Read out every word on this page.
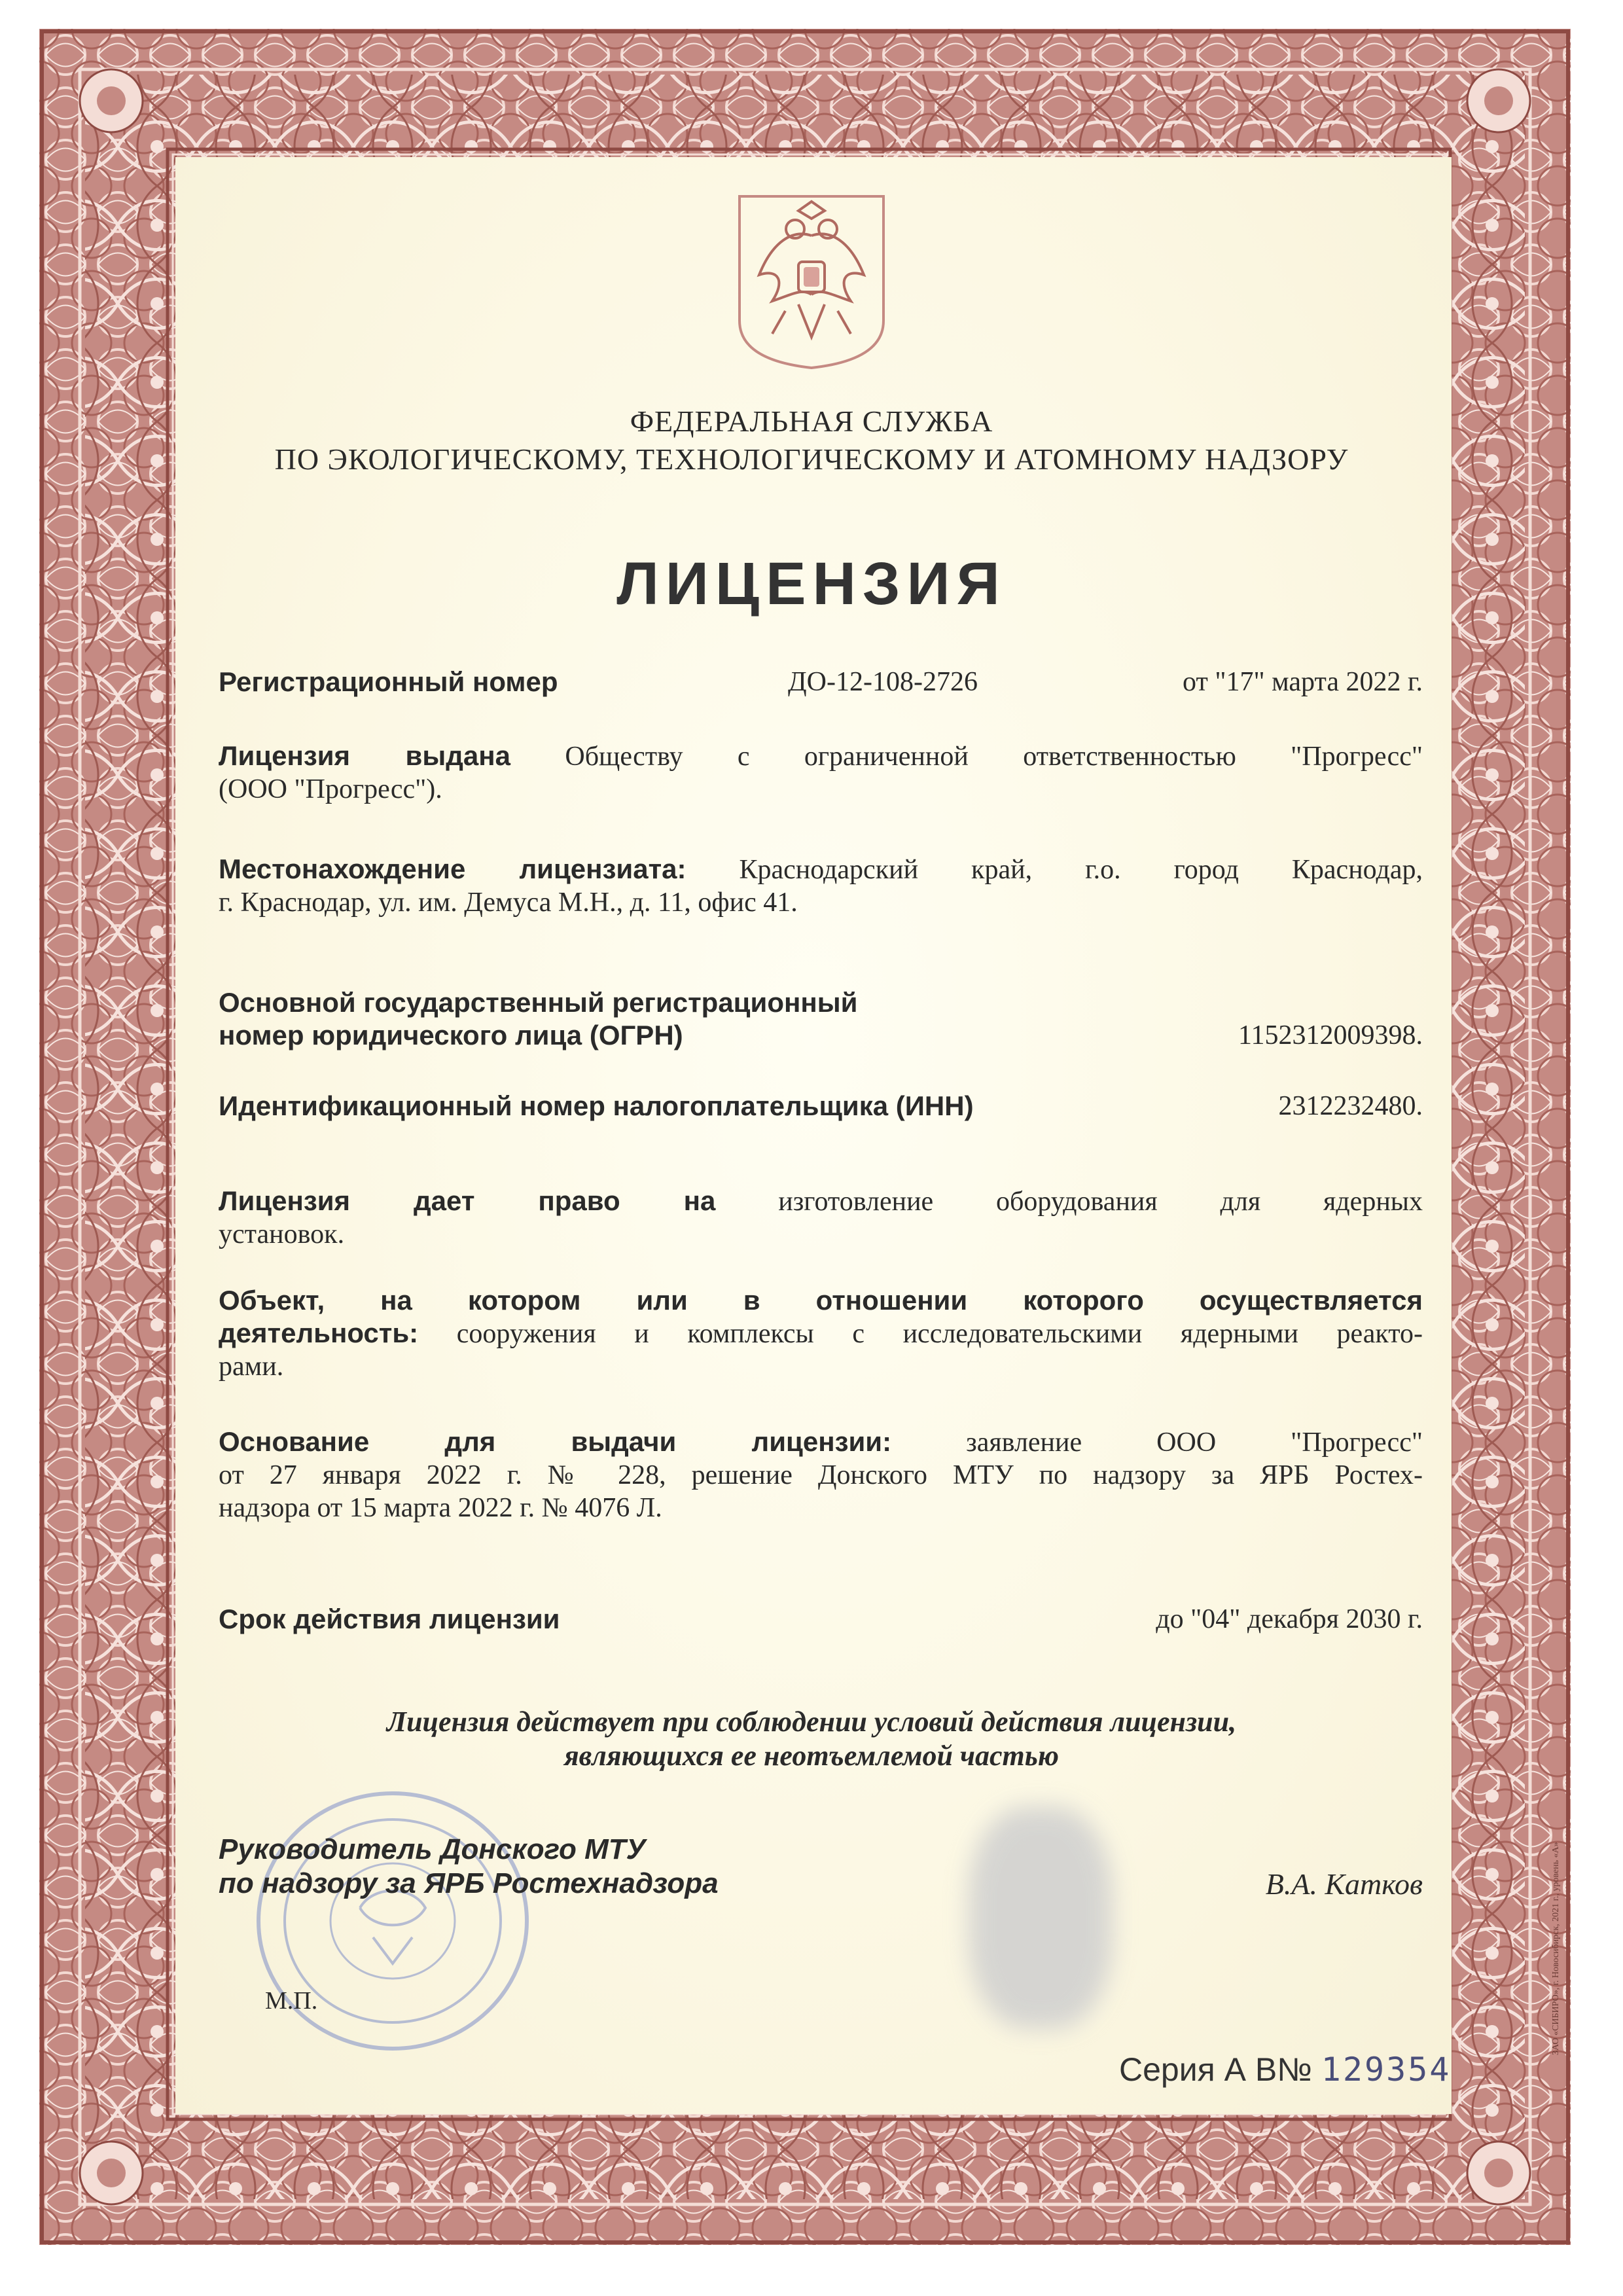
ФЕДЕРАЛЬНАЯ СЛУЖБА
ПО ЭКОЛОГИЧЕСКОМУ, ТЕХНОЛОГИЧЕСКОМУ И АТОМНОМУ НАДЗОРУ
ЛИЦЕНЗИЯ
Регистрационный номер	ДО-12-108-2726	от "17" марта 2022 г.
Лицензия выдана Обществу с ограниченной ответственностью "Прогресс"
(ООО "Прогресс").
Местонахождение лицензиата: Краснодарский край, г.о. город Краснодар,
г. Краснодар, ул. им. Демуса М.Н., д. 11, офис 41.
Основной государственный регистрационный
номер юридического лица (ОГРН)	1152312009398.
Идентификационный номер налогоплательщика (ИНН)	2312232480.
Лицензия дает право на изготовление оборудования для ядерных
установок.
Объект, на котором или в отношении которого осуществляется
деятельность: сооружения и комплексы с исследовательскими ядерными реакто-
рами.
Основание для выдачи лицензии:	заявление ООО "Прогресс"
от 27 января 2022 г. № 228, решение Донского МТУ по надзору за ЯРБ Ростех-
надзора от 15 марта 2022 г. № 4076 Л.
Срок действия лицензии	до "04" декабря 2030 г.
Лицензия действует при соблюдении условий действия лицензии,
являющихся ее неотъемлемой частью
Руководитель Донского МТУ
по надзору за ЯРБ Ростехнадзора	В.А. Катков
М.П.
Серия А В№ 129354
ЗАО «СИБИРО», г. Новосибирск, 2021 г., уровень «А»
